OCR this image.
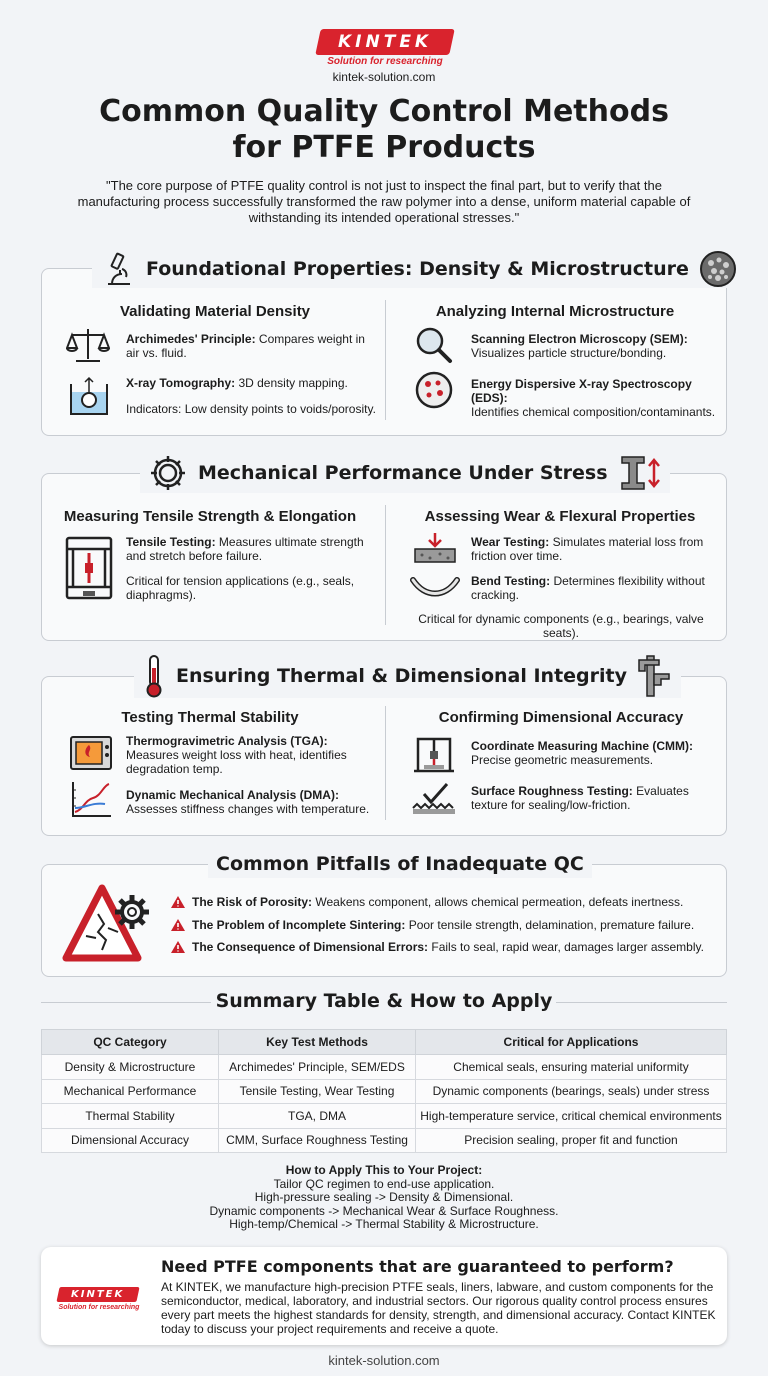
KINTEK
Solution for researching
kintek-solution.com
Common Quality Control Methods
for PTFE Products
"The core purpose of PTFE quality control is not just to inspect the final part, but to verify that the manufacturing process successfully transformed the raw polymer into a dense, uniform material capable of withstanding its intended operational stresses."
Foundational Properties: Density & Microstructure
Validating Material Density
Archimedes' Principle: Compares weight in air vs. fluid.
X-ray Tomography: 3D density mapping.
Indicators: Low density points to voids/porosity.
Analyzing Internal Microstructure
Scanning Electron Microscopy (SEM):
Visualizes particle structure/bonding.
Energy Dispersive X-ray Spectroscopy (EDS):
Identifies chemical composition/contaminants.
Mechanical Performance Under Stress
Measuring Tensile Strength & Elongation
Tensile Testing: Measures ultimate strength and stretch before failure.
Critical for tension applications (e.g., seals, diaphragms).
Assessing Wear & Flexural Properties
Wear Testing: Simulates material loss from friction over time.
Bend Testing: Determines flexibility without cracking.
Critical for dynamic components (e.g., bearings, valve seats).
Ensuring Thermal & Dimensional Integrity
Testing Thermal Stability
Thermogravimetric Analysis (TGA):
Measures weight loss with heat, identifies degradation temp.
Dynamic Mechanical Analysis (DMA):
Assesses stiffness changes with temperature.
Confirming Dimensional Accuracy
Coordinate Measuring Machine (CMM):
Precise geometric measurements.
Surface Roughness Testing: Evaluates texture for sealing/low-friction.
Common Pitfalls of Inadequate QC
The Risk of Porosity: Weakens component, allows chemical permeation, defeats inertness.
The Problem of Incomplete Sintering: Poor tensile strength, delamination, premature failure.
The Consequence of Dimensional Errors: Fails to seal, rapid wear, damages larger assembly.
Summary Table & How to Apply
QC Category	Key Test Methods	Critical for Applications
Density & Microstructure	Archimedes' Principle, SEM/EDS	Chemical seals, ensuring material uniformity
Mechanical Performance	Tensile Testing, Wear Testing	Dynamic components (bearings, seals) under stress
Thermal Stability	TGA, DMA	High-temperature service, critical chemical environments
Dimensional Accuracy	CMM, Surface Roughness Testing	Precision sealing, proper fit and function
How to Apply This to Your Project:
Tailor QC regimen to end-use application.
High-pressure sealing -> Density & Dimensional.
Dynamic components -> Mechanical Wear & Surface Roughness.
High-temp/Chemical -> Thermal Stability & Microstructure.
KINTEK
Solution for researching
Need PTFE components that are guaranteed to perform?
At KINTEK, we manufacture high-precision PTFE seals, liners, labware, and custom components for the semiconductor, medical, laboratory, and industrial sectors. Our rigorous quality control process ensures every part meets the highest standards for density, strength, and dimensional accuracy. Contact KINTEK today to discuss your project requirements and receive a quote.
kintek-solution.com
